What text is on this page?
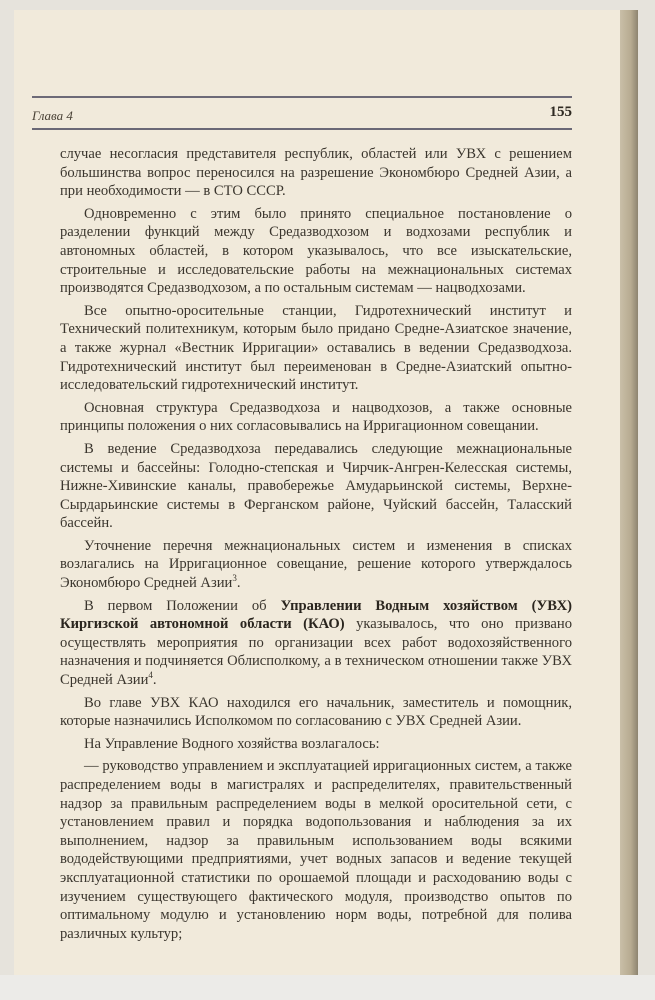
Глава 4	155

случае несогласия представителя республик, областей или УВХ с решением большинства вопрос переносился на разрешение Экономбюро Средней Азии, а при необходимости — в СТО СССР.

Одновременно с этим было принято специальное постановление о разделении функций между Средазводхозом и водхозами республик и автономных областей, в котором указывалось, что все изыскательские, строительные и исследовательские работы на межнациональных системах производятся Средазводхозом, а по остальным системам — нацводхозами.

Все опытно-оросительные станции, Гидротехнический институт и Технический политехникум, которым было придано Средне-Азиатское значение, а также журнал «Вестник Ирригации» оставались в ведении Средазводхоза. Гидротехнический институт был переименован в Средне-Азиатский опытно-исследовательский гидротехнический институт.

Основная структура Средазводхоза и нацводхозов, а также основные принципы положения о них согласовывались на Ирригационном совещании.

В ведение Средазводхоза передавались следующие межнациональные системы и бассейны: Голодно-степская и Чирчик-Ангрен-Келесская системы, Нижне-Хивинские каналы, правобережье Амударьинской системы, Верхне-Сырдарьинские системы в Ферганском районе, Чуйский бассейн, Таласский бассейн.

Уточнение перечня межнациональных систем и изменения в списках возлагались на Ирригационное совещание, решение которого утверждалось Экономбюро Средней Азии$^3$.

В первом Положении об Управлении Водным хозяйством (УВХ) Киргизской автономной области (КАО) указывалось, что оно призвано осуществлять мероприятия по организации всех работ водохозяйственного назначения и подчиняется Облисполкому, а в техническом отношении также УВХ Средней Азии$^4$.

Во главе УВХ КАО находился его начальник, заместитель и помощник, которые назначились Исполкомом по согласованию с УВХ Средней Азии.

На Управление Водного хозяйства возлагалось:

— руководство управлением и эксплуатацией ирригационных систем, а также распределением воды в магистралях и распределителях, правительственный надзор за правильным распределением воды в мелкой оросительной сети, с установлением правил и порядка водопользования и наблюдения за их выполнением, надзор за правильным использованием воды всякими вододействующими предприятиями, учет водных запасов и ведение текущей эксплуатационной статистики по орошаемой площади и расходованию воды с изучением существующего фактического модуля, производство опытов по оптимальному модулю и установлению норм воды, потребной для полива различных культур;
